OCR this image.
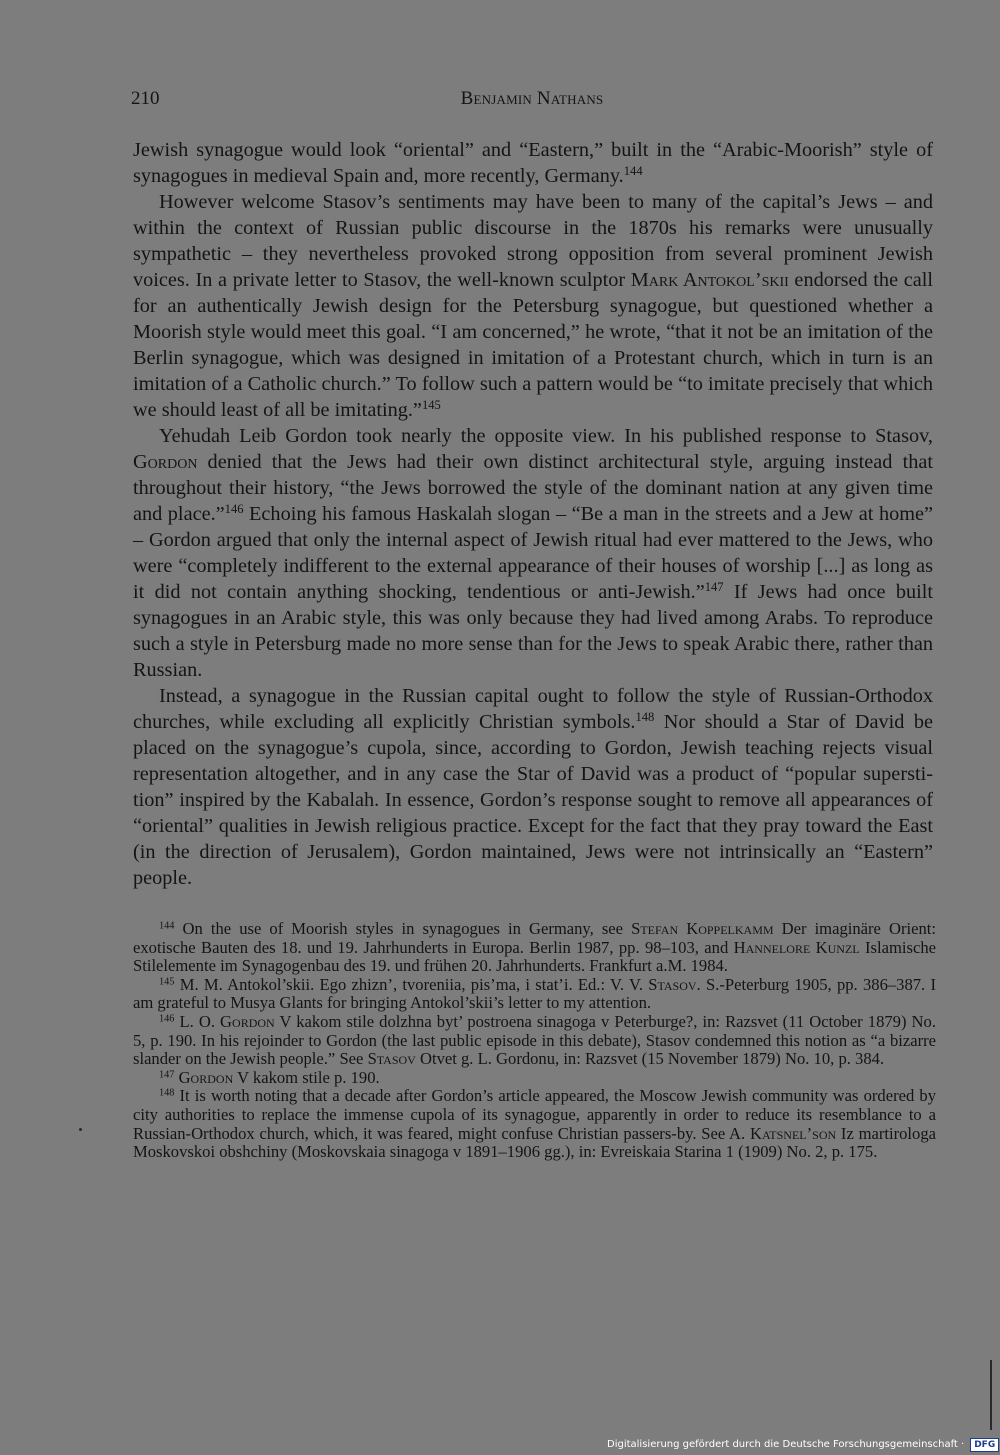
210	Benjamin Nathans

Jewish synagogue would look “oriental” and “Eastern,” built in the “Arabic-Moorish” style of synagogues in medieval Spain and, more recently, Germany.$^{144}$

However welcome Stasov’s sentiments may have been to many of the capital’s Jews – and within the context of Russian public discourse in the 1870s his remarks were unusually sympathetic – they nevertheless provoked strong opposition from several prominent Jewish voices. In a private letter to Stasov, the well-known sculptor Mark Antokol’skii endorsed the call for an authentically Jewish design for the Petersburg synagogue, but questioned whether a Moorish style would meet this goal. “I am concerned,” he wrote, “that it not be an imitation of the Berlin synagogue, which was designed in imitation of a Protestant church, which in turn is an imitation of a Catholic church.” To follow such a pattern would be “to imitate precisely that which we should least of all be imitating.”$^{145}$

Yehudah Leib Gordon took nearly the opposite view. In his published response to Stasov, Gordon denied that the Jews had their own distinct architectural style, arguing instead that throughout their history, “the Jews borrowed the style of the dominant nation at any given time and place.”$^{146}$ Echoing his famous Haskalah slogan – “Be a man in the streets and a Jew at home” – Gordon argued that only the internal aspect of Jewish ritual had ever mattered to the Jews, who were “completely indifferent to the external appearance of their houses of worship [...] as long as it did not contain anything shocking, tendentious or anti-Jewish.”$^{147}$ If Jews had once built synagogues in an Arabic style, this was only because they had lived among Arabs. To reproduce such a style in Petersburg made no more sense than for the Jews to speak Arabic there, rather than Russian.

Instead, a synagogue in the Russian capital ought to follow the style of Russian-Orthodox churches, while excluding all explicitly Christian symbols.$^{148}$ Nor should a Star of David be placed on the synagogue’s cupola, since, according to Gordon, Jewish teaching rejects visual representation altogether, and in any case the Star of David was a product of “popular superstition” inspired by the Kabalah. In essence, Gordon’s response sought to remove all appearances of “oriental” qualities in Jewish religious practice. Except for the fact that they pray toward the East (in the direction of Jerusalem), Gordon maintained, Jews were not intrinsically an “Eastern” people.

$^{144}$ On the use of Moorish styles in synagogues in Germany, see Stefan Koppelkamm Der imaginäre Orient: exotische Bauten des 18. und 19. Jahrhunderts in Europa. Berlin 1987, pp. 98–103, and Hannelore Kunzl Islamische Stilelemente im Synagogenbau des 19. und frühen 20. Jahrhunderts. Frankfurt a.M. 1984.

$^{145}$ M. M. Antokol’skii. Ego zhizn’, tvoreniia, pis’ma, i stat’i. Ed.: V. V. Stasov. S.-Peterburg 1905, pp. 386–387. I am grateful to Musya Glants for bringing Antokol’skii’s letter to my attention.

$^{146}$ L. O. Gordon V kakom stile dolzhna byt’ postroena sinagoga v Peterburge?, in: Razsvet (11 October 1879) No. 5, p. 190. In his rejoinder to Gordon (the last public episode in this debate), Stasov condemned this notion as “a bizarre slander on the Jewish people.” See Stasov Otvet g. L. Gordonu, in: Razsvet (15 November 1879) No. 10, p. 384.

$^{147}$ Gordon V kakom stile p. 190.

$^{148}$ It is worth noting that a decade after Gordon’s article appeared, the Moscow Jewish community was ordered by city authorities to replace the immense cupola of its synagogue, apparently in order to reduce its resemblance to a Russian-Orthodox church, which, it was feared, might confuse Christian passers-by. See A. Katsnel’son Iz martirologa Moskovskoi obshchiny (Moskovskaia sinagoga v 1891–1906 gg.), in: Evreiskaia Starina 1 (1909) No. 2, p. 175.

Digitalisierung gefördert durch die Deutsche Forschungsgemeinschaft ·	DFG
